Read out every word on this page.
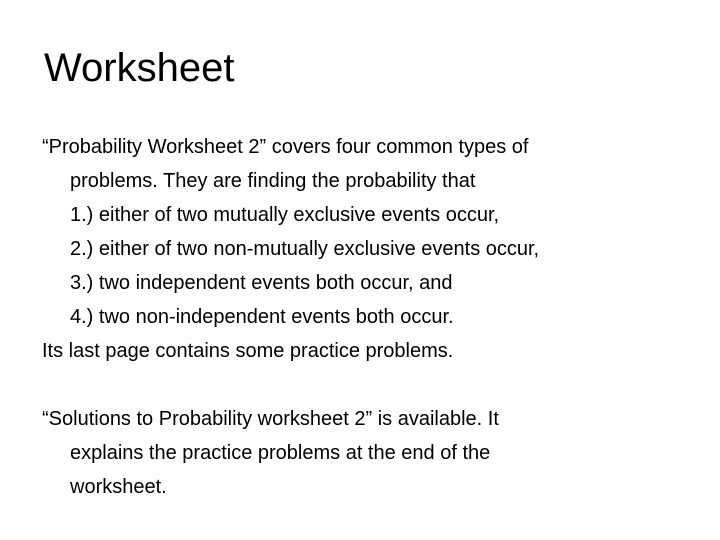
Worksheet
“Probability Worksheet 2” covers four common types of
problems. They are finding the probability that
1.) either of two mutually exclusive events occur,
2.) either of two non-mutually exclusive events occur,
3.) two independent events both occur, and
4.) two non-independent events both occur.
Its last page contains some practice problems.
“Solutions to Probability worksheet 2” is available. It
explains the practice problems at the end of the
worksheet.
